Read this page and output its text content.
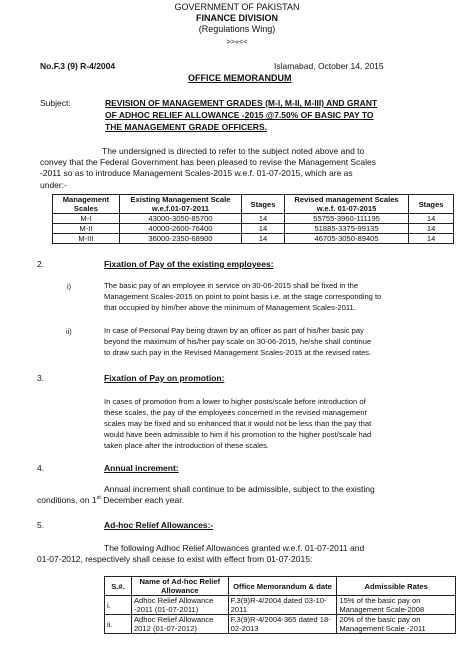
GOVERNMENT OF PAKISTAN
FINANCE DIVISION
(Regulations Wing)
>>«<<
No.F.3 (9) R-4/2004	Islamabad, October 14, 2015
OFFICE MEMORANDUM
Subject:	REVISION OF MANAGEMENT GRADES (M-I, M-II, M-III) AND GRANT
OF ADHOC RELIEF ALLOWANCE -2015 @7.50% OF BASIC PAY TO
THE MANAGEMENT GRADE OFFICERS.
The undersigned is directed to refer to the subject noted above and to
convey that the Federal Government has been pleased to revise the Management Scales
-2011 so as to introduce Management Scales-2015 w.e.f. 01-07-2015, which are as
under:-
Management Scales	Existing Management Scale w.e.f.01-07-2011	Stages	Revised management Scales w.e.f. 01-07-2015	Stages
M-I	43000-3050-85700	14	55755-3960-111195	14
M-II	40000-2600-76400	14	51885-3375-99135	14
M-III	36000-2350-68900	14	46705-3050-89405	14
2.	Fixation of Pay of the existing employees:
i)	The basic pay of an employee in service on 30-06-2015 shall be fixed in the
Management Scales-2015 on point to point basis i.e. at the stage corresponding to
that occupied by him/her above the minimum of Management Scales-2011.
ii)	In case of Personal Pay being drawn by an officer as part of his/her basic pay
beyond the maximum of his/her pay scale on 30-06-2015, he/she shall continue
to draw such pay in the Revised Management Scales-2015 at the revised rates.
3.	Fixation of Pay on promotion:
In cases of promotion from a lower to higher posts/scale before introduction of
these scales, the pay of the employees concerned in the revised management
scales may be fixed and so enhanced that it would not be less than the pay that
would have been admissible to him if his promotion to the higher post/scale had
taken place after the introduction of these scales.
4.	Annual increment:
Annual increment shall continue to be admissible, subject to the existing
conditions, on 1st December each year.
5.	Ad-hoc Relief Allowances:-
The following Adhoc Relief Allowances granted w.e.f. 01-07-2011 and
01-07-2012, respectively shall cease to exist with effect from 01-07-2015:
S.#.	Name of Ad-hoc Relief Allowance	Office Memorandum & date	Admissible Rates
i.	Adhoc Relief Allowance -2011 (01-07-2011)	F.3(9)R-4/2004 dated 03-10-2011	15% of the basic pay on Management Scale-2008
ii.	Adhoc Relief Allowance 2012 (01-07-2012)	F.3(9)R-4/2004-365 dated 18-02-2013	20% of the basic pay on Management Scale -2011
